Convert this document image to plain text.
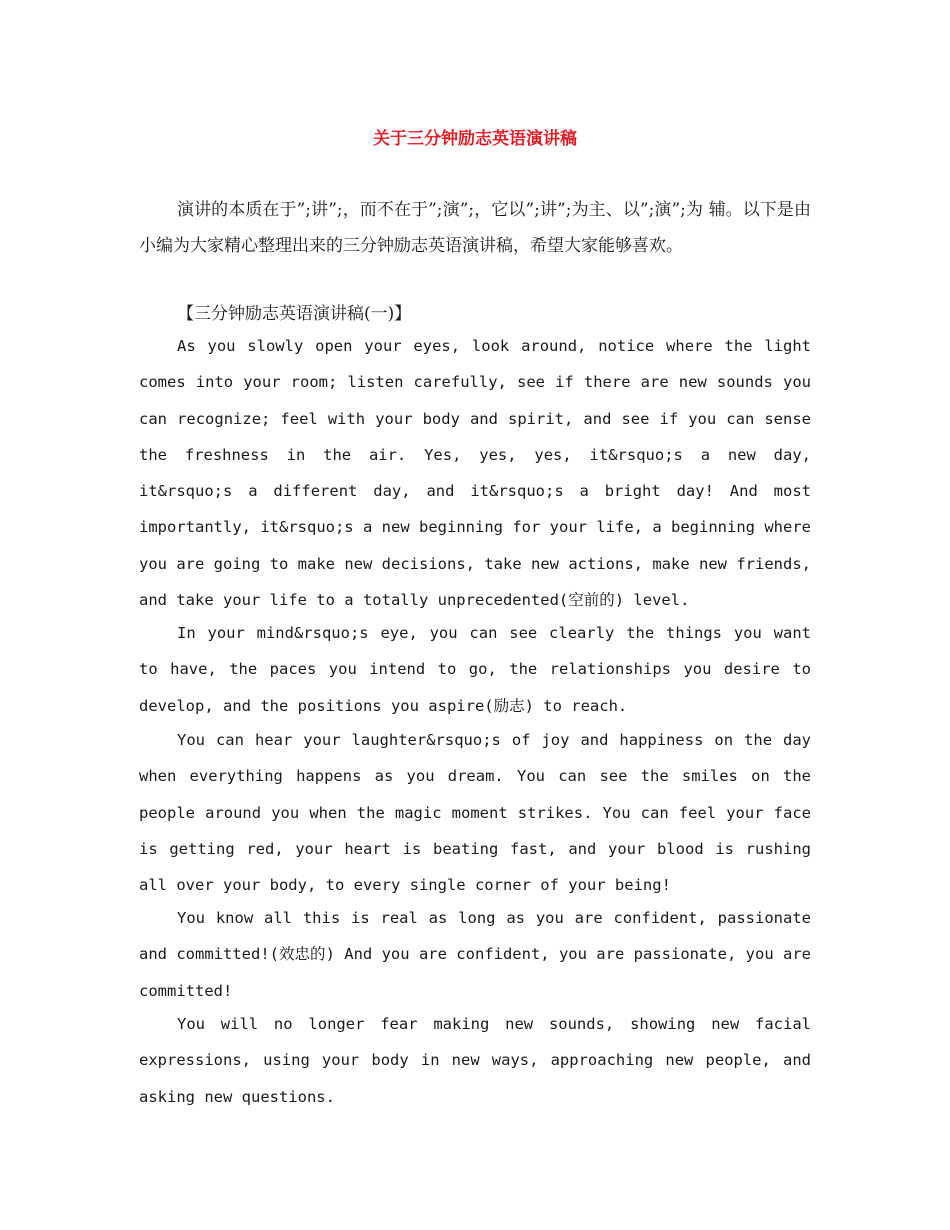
关于三分钟励志英语演讲稿

演讲的本质在于”;讲”;，而不在于”;演”;，它以”;讲”;为主、以”;演”;为 辅。以下是由小编为大家精心整理出来的三分钟励志英语演讲稿，希望大家能够喜欢。

【三分钟励志英语演讲稿(一)】

As you slowly open your eyes, look around, notice where the light comes into your room; listen carefully, see if there are new sounds you can recognize; feel with your body and spirit, and see if you can sense the freshness in the air. Yes, yes, yes, it&rsquo;s a new day, it&rsquo;s a different day, and it&rsquo;s a bright day! And most importantly, it&rsquo;s a new beginning for your life, a beginning where you are going to make new decisions, take new actions, make new friends, and take your life to a totally unprecedented(空前的) level.

In your mind&rsquo;s eye, you can see clearly the things you want to have, the paces you intend to go, the relationships you desire to develop, and the positions you aspire(励志) to reach.

You can hear your laughter&rsquo;s of joy and happiness on the day when everything happens as you dream. You can see the smiles on the people around you when the magic moment strikes. You can feel your face is getting red, your heart is beating fast, and your blood is rushing all over your body, to every single corner of your being!

You know all this is real as long as you are confident, passionate and committed!(效忠的) And you are confident, you are passionate, you are committed!

You will no longer fear making new sounds, showing new facial expressions, using your body in new ways, approaching new people, and asking new questions.
